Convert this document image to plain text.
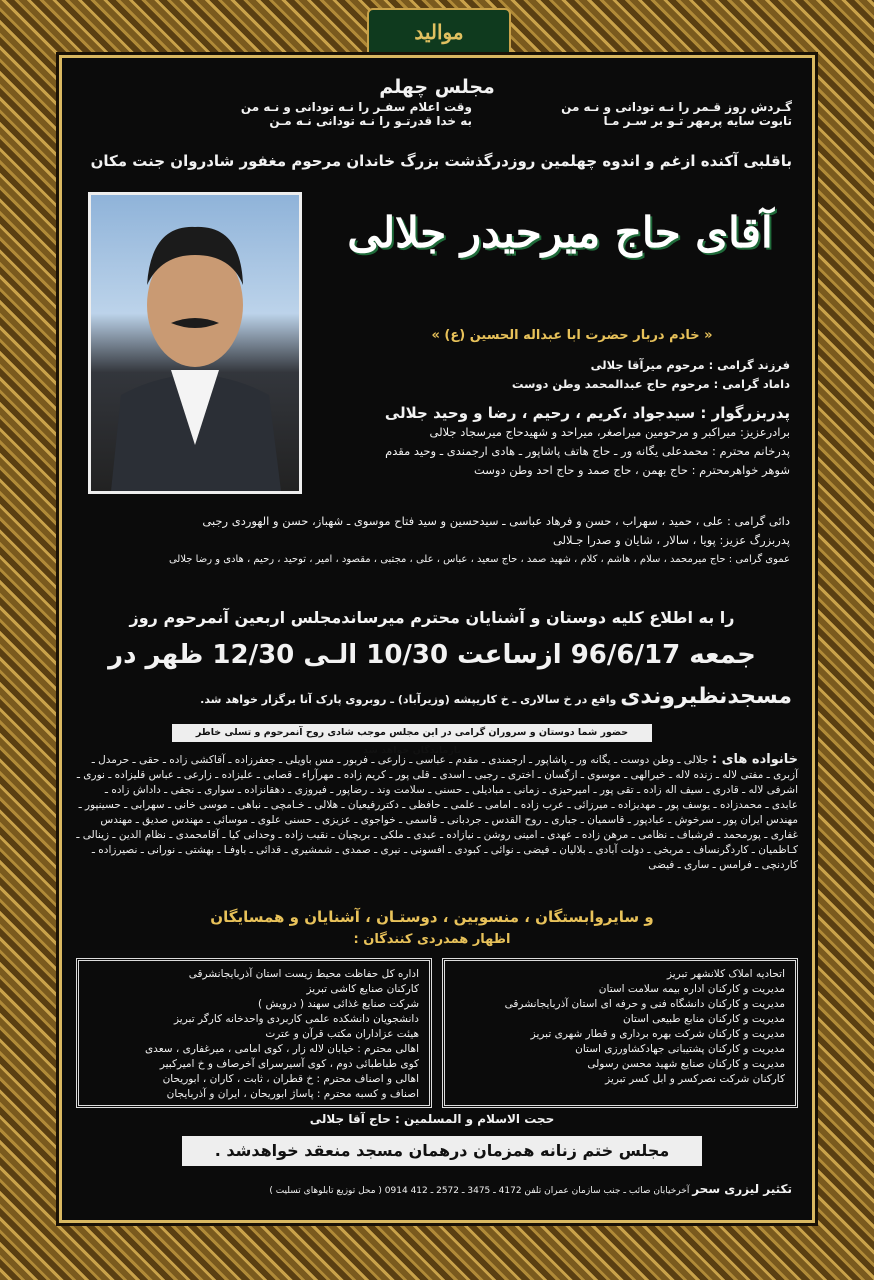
موالید
مجلس چهلم
گـردش روز قـمر را نـه تودانی و نـه من
تابوت سایه پرمهر تـو بر سـر مـا
وقت اعلام سفـر را نـه تودانی و نـه من
به خدا قدرتـو را نـه تودانی نـه مـن
باقلبی آکنده ازغم و اندوه چهلمین روزدرگذشت بزرگ خاندان مرحوم مغفور شادروان جنت مکان
آقای حاج میرحیدر جلالی
« خادم دربار حضرت ابا عبداله الحسین (ع) »
فرزند گرامی : مرحوم میرآقا جلالی
داماد گرامی : مرحوم حاج عبدالمحمد وطن دوست
پدربزرگوار : سیدجواد ،کریم ، رحیم ، رضا و وحید جلالی
برادرعزیز: میراکبر و مرحومین میراصغر، میراحد و شهیدحاج میرسجاد جلالی
پدرخانم محترم : محمدعلی یگانه ور ـ حاج هاتف پاشاپور ـ هادی ارجمندی ـ وحید مقدم
شوهر خواهرمحترم : حاج بهمن ، حاج صمد و حاج احد وطن دوست
دائی گرامی : علی ، حمید ، سهراب ، حسن و فرهاد عباسی ـ سیدحسین و سید فتاح موسوی ـ شهباز، حسن و الهوردی رجبی
پدربزرگ عزیز: پویا ، سالار ، شایان و صدرا جـلالی
عموی گرامی : حاج میرمحمد ، سلام ، هاشم ، کلام ، شهید صمد ، حاج سعید ، عباس ، علی ، مجتبی ، مقصود ، امیر ، توحید ، رحیم ، هادی و رضا جلالی
را به اطلاع کلیه دوستان و آشنایان محترم میرساندمجلس اربعین آنمرحوم روز
جمعه 96/6/17 ازساعت 10/30 الـی 12/30 ظهر در
مسجدنظیروندی واقع در خ سالاری ـ خ کاریپشه (وزیرآباد) ـ روبروی پارک آنا برگزار خواهد شد.
حضور شما دوستان و سروران گرامی در این مجلس موجب شادی روح آنمرحوم و تسلی خاطر بازماندگان خواهد شد
خانواده های : جلالی ـ وطن دوست ـ یگانه ور ـ پاشاپور ـ ارجمندی ـ مقدم ـ عباسی ـ زارعی ـ فربور ـ مس باویلی ـ جعفرزاده ـ آقاکشی زاده ـ حقی ـ حرمدل ـ آزبری ـ مفتی لاله ـ زنده لاله ـ خیرالهی ـ موسوی ـ ازگسان ـ اختری ـ رجبی ـ اسدی ـ قلی پور ـ کریم زاده ـ مهرآراء ـ قصابی ـ علیزاده ـ زارعی ـ عباس قلیزاده ـ نوری ـ اشرفی لاله ـ قادری ـ سیف اله زاده ـ تقی پور ـ امیرحیزی ـ زمانی ـ مبادیلی ـ حسنی ـ سلامت وند ـ رضاپور ـ فیروزی ـ دهقانزاده ـ سواری ـ نجفی ـ داداش زاده ـ عابدی ـ محمدزاده ـ یوسف پور ـ مهدیزاده ـ میرزائی ـ عرب زاده ـ امامی ـ علمی ـ حافظی ـ دکتررفیعیان ـ هلالی ـ خـامچی ـ نباهی ـ موسی خانی ـ سهرابی ـ حسینپور ـ مهندس ایران پور ـ سرخوش ـ عبادپور ـ قاسمیان ـ جباری ـ روح القدس ـ جردبانی ـ قاسمی ـ خواجوی ـ عزیزی ـ حسنی علوی ـ موسائی ـ مهندس صدیق ـ مهندس غفاری ـ پورمحمد ـ فرشباف ـ نظامی ـ مرهن زاده ـ عهدی ـ امینی روشن ـ نیازاده ـ عبدی ـ ملکی ـ بربچیان ـ نقیب زاده ـ وحدانی کیا ـ آقامحمدی ـ نظام الدین ـ زینالی ـ کـاظمیان ـ کاردگرنساف ـ مربخی ـ دولت آبادی ـ بلالیان ـ فیضی ـ نوائی ـ کبودی ـ افسونی ـ نیری ـ صمدی ـ شمشیری ـ قدائی ـ باوفـا ـ بهشتی ـ نورانی ـ نصیرزاده ـ کاردنچی ـ فرامس ـ ساری ـ فیضی
و سایروابستگان ، منسوبین ، دوستـان ، آشنایان و همسایگان
اظهار همدردی کنندگان :
اتحادیه املاک کلانشهر تبریز
مدیریت و کارکنان اداره بیمه سلامت استان
مدیریت و کارکنان دانشگاه فنی و حرفه ای استان آذربایجانشرقی
مدیریت و کارکنان منابع طبیعی استان
مدیریت و کارکنان شرکت بهره برداری و قطار شهری تبریز
مدیریت و کارکنان پشتیبانی جهادکشاورزی استان
مدیریت و کارکنان صنایع شهید محسن رسولی
کارکنان شرکت نصرکسر و ابل کسر تبریز
اداره کل حفاظت محیط زیست استان آذربایجانشرقی
کارکنان صنایع کاشی تبریز
شرکت صنایع غذائی سهند ( درویش )
دانشجویان دانشکده علمی کاربردی واحدخانه کارگر تبریز
هیئت عزاداران مکتب قرآن و عترت
اهالی محترم : خیابان لاله زار ، کوی امامی ، میرغفاری ، سعدی
کوی طباطبائی دوم ، کوی آسیرسرای آخرصاف و خ امیرکبیر
اهالی و اصناف محترم : خ قطران ، ثابت ، کاران ، ابوریحان
اصناف و کسبه محترم : پاساژ ابوریحان ، ایران و آذربایجان
حجت الاسلام و المسلمین : حاج آقا جلالی
مجلس ختم زنانه همزمان درهمان مسجد منعقد خواهدشد .
تکثیر لیزری سحر آخرخیابان صائب ـ جنب سازمان عمران تلفن 4172 ـ 3475 ـ 2572 ـ 412 0914 ( محل توزیع تابلوهای تسلیت )
